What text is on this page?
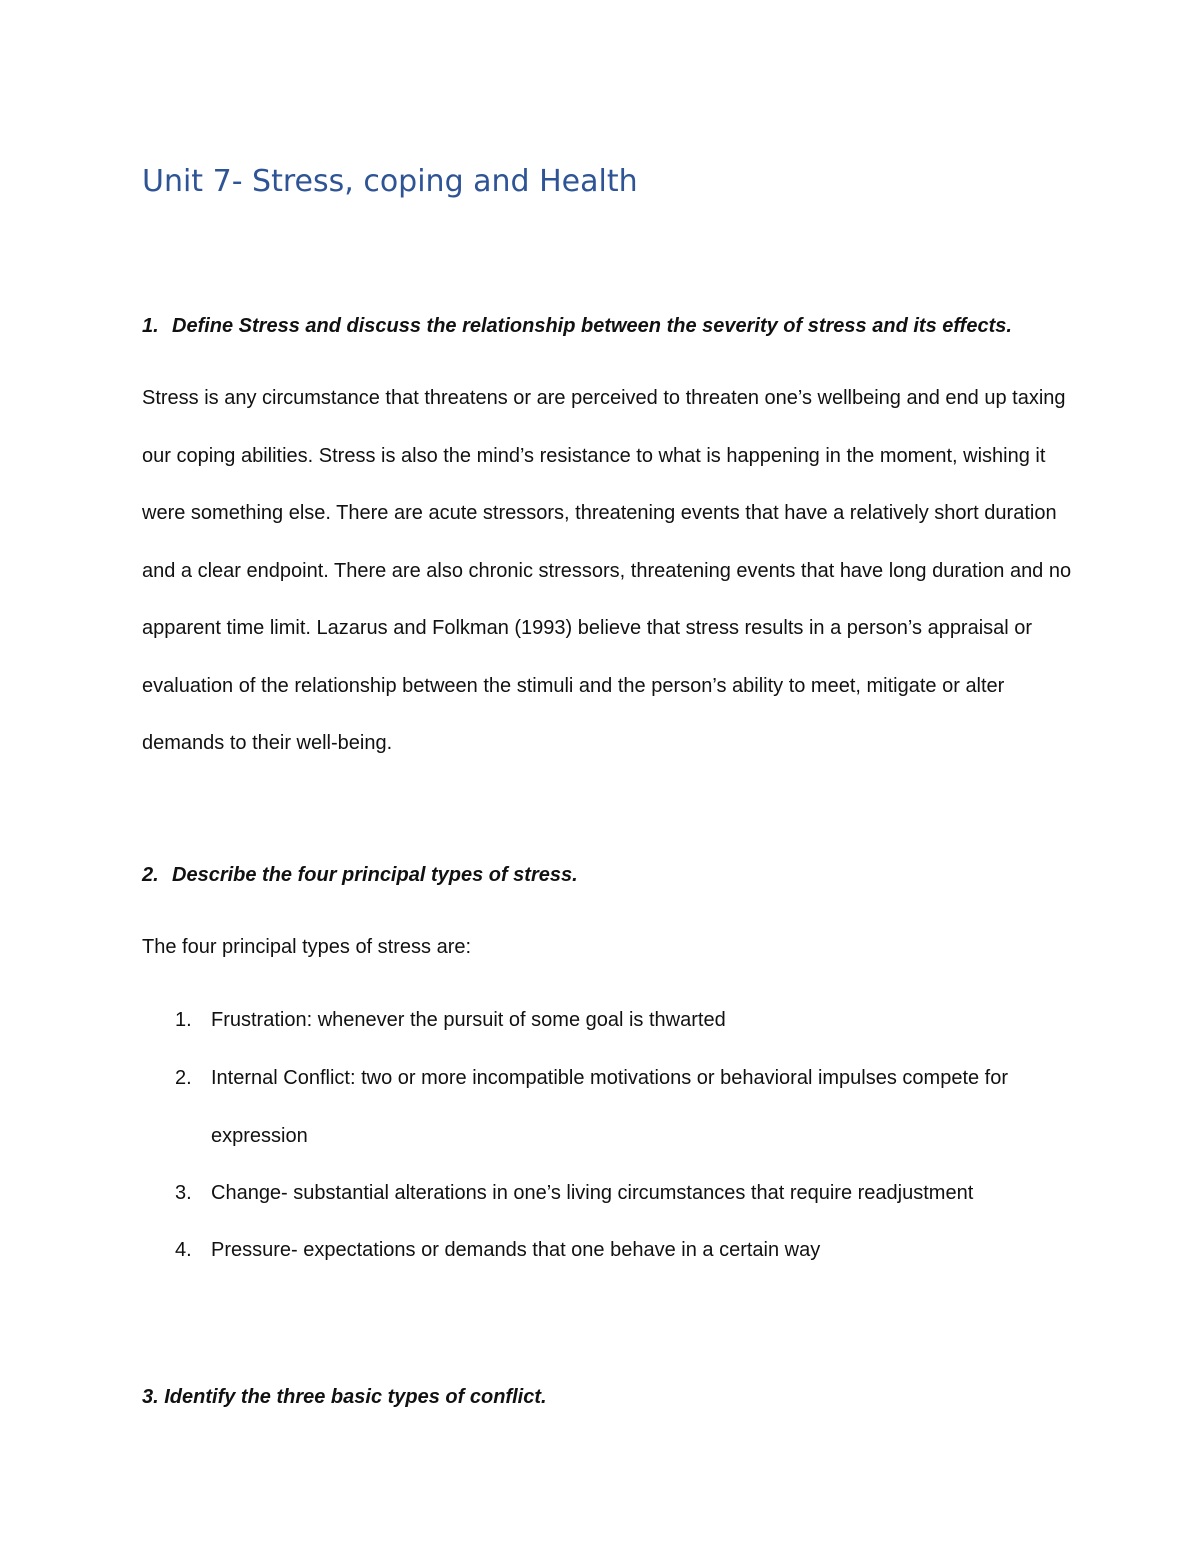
Unit 7- Stress, coping and Health

1. Define Stress and discuss the relationship between the severity of stress and its effects.

Stress is any circumstance that threatens or are perceived to threaten one’s wellbeing and end up taxing our coping abilities. Stress is also the mind’s resistance to what is happening in the moment, wishing it were something else. There are acute stressors, threatening events that have a relatively short duration and a clear endpoint. There are also chronic stressors, threatening events that have long duration and no apparent time limit. Lazarus and Folkman (1993) believe that stress results in a person’s appraisal or evaluation of the relationship between the stimuli and the person’s ability to meet, mitigate or alter demands to their well-being.

2. Describe the four principal types of stress.

The four principal types of stress are:

1. Frustration: whenever the pursuit of some goal is thwarted
2. Internal Conflict: two or more incompatible motivations or behavioral impulses compete for expression
3. Change- substantial alterations in one’s living circumstances that require readjustment
4. Pressure- expectations or demands that one behave in a certain way

3. Identify the three basic types of conflict.
